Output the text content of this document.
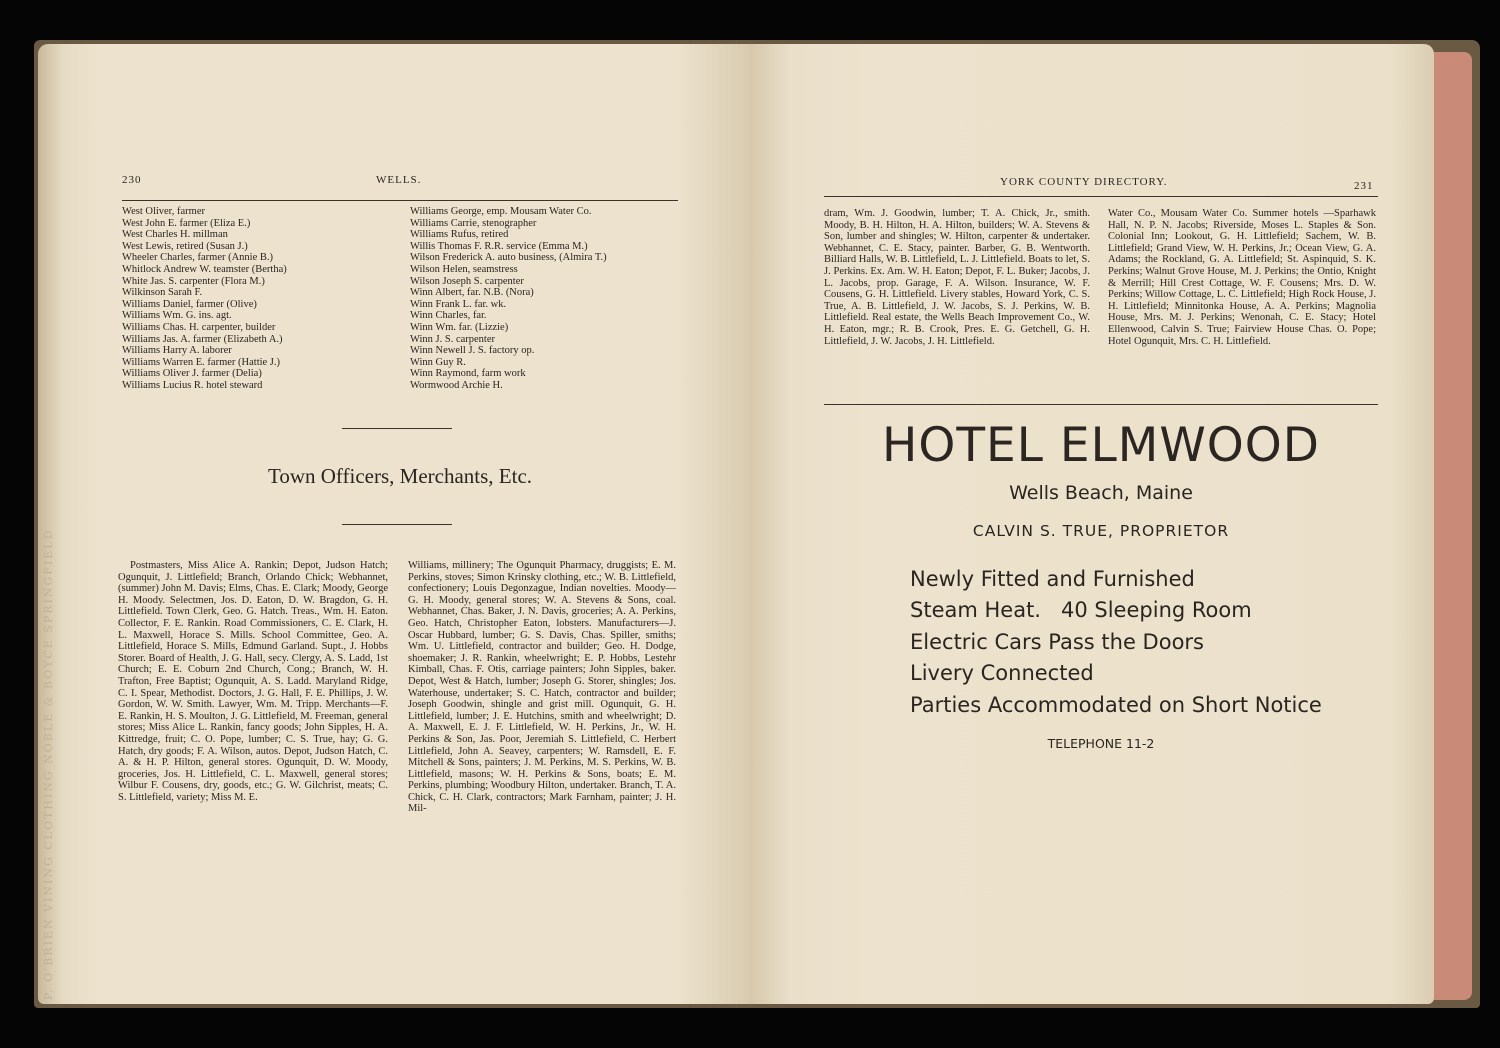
P. O'BRIEN VINING CLOTHING NOBLE & BOYCE SPRINGFIELD
230	WELLS.
West Oliver, farmer
West John E. farmer (Eliza E.)
West Charles H. millman
West Lewis, retired (Susan J.)
Wheeler Charles, farmer (Annie B.)
Whitlock Andrew W. teamster (Bertha)
White Jas. S. carpenter (Flora M.)
Wilkinson Sarah F.
Williams Daniel, farmer (Olive)
Williams Wm. G. ins. agt.
Williams Chas. H. carpenter, builder
Williams Jas. A. farmer (Elizabeth A.)
Williams Harry A. laborer
Williams Warren E. farmer (Hattie J.)
Williams Oliver J. farmer (Delia)
Williams Lucius R. hotel steward
Williams George, emp. Mousam Water Co.
Williams Carrie, stenographer
Williams Rufus, retired
Willis Thomas F. R.R. service (Emma M.)
Wilson Frederick A. auto business, (Almira T.)
Wilson Helen, seamstress
Wilson Joseph S. carpenter
Winn Albert, far. N.B. (Nora)
Winn Frank L. far. wk.
Winn Charles, far.
Winn Wm. far. (Lizzie)
Winn J. S. carpenter
Winn Newell J. S. factory op.
Winn Guy R.
Winn Raymond, farm work
Wormwood Archie H.
Town Officers, Merchants, Etc.
Postmasters, Miss Alice A. Rankin; Depot, Judson Hatch; Ogunquit, J. Littlefield; Branch, Orlando Chick; Webhannet, (summer) John M. Davis; Elms, Chas. E. Clark; Moody, George H. Moody. Selectmen, Jos. D. Eaton, D. W. Bragdon, G. H. Littlefield. Town Clerk, Geo. G. Hatch. Treas., Wm. H. Eaton. Collector, F. E. Rankin. Road Commissioners, C. E. Clark, H. L. Maxwell, Horace S. Mills. School Committee, Geo. A. Littlefield, Horace S. Mills, Edmund Garland. Supt., J. Hobbs Storer. Board of Health, J. G. Hall, secy. Clergy, A. S. Ladd, 1st Church; E. E. Coburn 2nd Church, Cong.; Branch, W. H. Trafton, Free Baptist; Ogunquit, A. S. Ladd. Maryland Ridge, C. I. Spear, Methodist. Doctors, J. G. Hall, F. E. Phillips, J. W. Gordon, W. W. Smith. Lawyer, Wm. M. Tripp. Merchants—F. E. Rankin, H. S. Moulton, J. G. Littlefield, M. Freeman, general stores; Miss Alice L. Rankin, fancy goods; John Sipples, H. A. Kittredge, fruit; C. O. Pope, lumber; C. S. True, hay; G. G. Hatch, dry goods; F. A. Wilson, autos. Depot, Judson Hatch, C. A. & H. P. Hilton, general stores. Ogunquit, D. W. Moody, groceries, Jos. H. Littlefield, C. L. Maxwell, general stores; Wilbur F. Cousens, dry, goods, etc.; G. W. Gilchrist, meats; C. S. Littlefield, variety; Miss M. E.
Williams, millinery; The Ogunquit Pharmacy, druggists; E. M. Perkins, stoves; Simon Krinsky clothing, etc.; W. B. Littlefield, confectionery; Louis Degonzague, Indian novelties. Moody—G. H. Moody, general stores; W. A. Stevens & Sons, coal. Webhannet, Chas. Baker, J. N. Davis, groceries; A. A. Perkins, Geo. Hatch, Christopher Eaton, lobsters. Manufacturers—J. Oscar Hubbard, lumber; G. S. Davis, Chas. Spiller, smiths; Wm. U. Littlefield, contractor and builder; Geo. H. Dodge, shoemaker; J. R. Rankin, wheelwright; E. P. Hobbs, Lestehr Kimball, Chas. F. Otis, carriage painters; John Sipples, baker. Depot, West & Hatch, lumber; Joseph G. Storer, shingles; Jos. Waterhouse, undertaker; S. C. Hatch, contractor and builder; Joseph Goodwin, shingle and grist mill. Ogunquit, G. H. Littlefield, lumber; J. E. Hutchins, smith and wheelwright; D. A. Maxwell, E. J. F. Littlefield, W. H. Perkins, Jr., W. H. Perkins & Son, Jas. Poor, Jeremiah S. Littlefield, C. Herbert Littlefield, John A. Seavey, carpenters; W. Ramsdell, E. F. Mitchell & Sons, painters; J. M. Perkins, M. S. Perkins, W. B. Littlefield, masons; W. H. Perkins & Sons, boats; E. M. Perkins, plumbing; Woodbury Hilton, undertaker. Branch, T. A. Chick, C. H. Clark, contractors; Mark Farnham, painter; J. H. Mil-
YORK COUNTY DIRECTORY.	231
dram, Wm. J. Goodwin, lumber; T. A. Chick, Jr., smith. Moody, B. H. Hilton, H. A. Hilton, builders; W. A. Stevens & Son, lumber and shingles; W. Hilton, carpenter & undertaker. Webhannet, C. E. Stacy, painter. Barber, G. B. Wentworth. Billiard Halls, W. B. Littlefield, L. J. Littlefield. Boats to let, S. J. Perkins. Ex. Am. W. H. Eaton; Depot, F. L. Buker; Jacobs, J. L. Jacobs, prop. Garage, F. A. Wilson. Insurance, W. F. Cousens, G. H. Littlefield. Livery stables, Howard York, C. S. True, A. B. Littlefield, J. W. Jacobs, S. J. Perkins, W. B. Littlefield. Real estate, the Wells Beach Improvement Co., W. H. Eaton, mgr.; R. B. Crook, Pres. E. G. Getchell, G. H. Littlefield, J. W. Jacobs, J. H. Littlefield.
Water Co., Mousam Water Co. Summer hotels —Sparhawk Hall, N. P. N. Jacobs; Riverside, Moses L. Staples & Son. Colonial Inn; Lookout, G. H. Littlefield; Sachem, W. B. Littlefield; Grand View, W. H. Perkins, Jr.; Ocean View, G. A. Adams; the Rockland, G. A. Littlefield; St. Aspinquid, S. K. Perkins; Walnut Grove House, M. J. Perkins; the Ontio, Knight & Merrill; Hill Crest Cottage, W. F. Cousens; Mrs. D. W. Perkins; Willow Cottage, L. C. Littlefield; High Rock House, J. H. Littlefield; Minnitonka House, A. A. Perkins; Magnolia House, Mrs. M. J. Perkins; Wenonah, C. E. Stacy; Hotel Ellenwood, Calvin S. True; Fairview House Chas. O. Pope; Hotel Ogunquit, Mrs. C. H. Littlefield.
HOTEL ELMWOOD
Wells Beach, Maine
CALVIN S. TRUE, PROPRIETOR
Newly Fitted and Furnished
Steam Heat.   40 Sleeping Room
Electric Cars Pass the Doors
Livery Connected
Parties Accommodated on Short Notice
TELEPHONE 11-2
